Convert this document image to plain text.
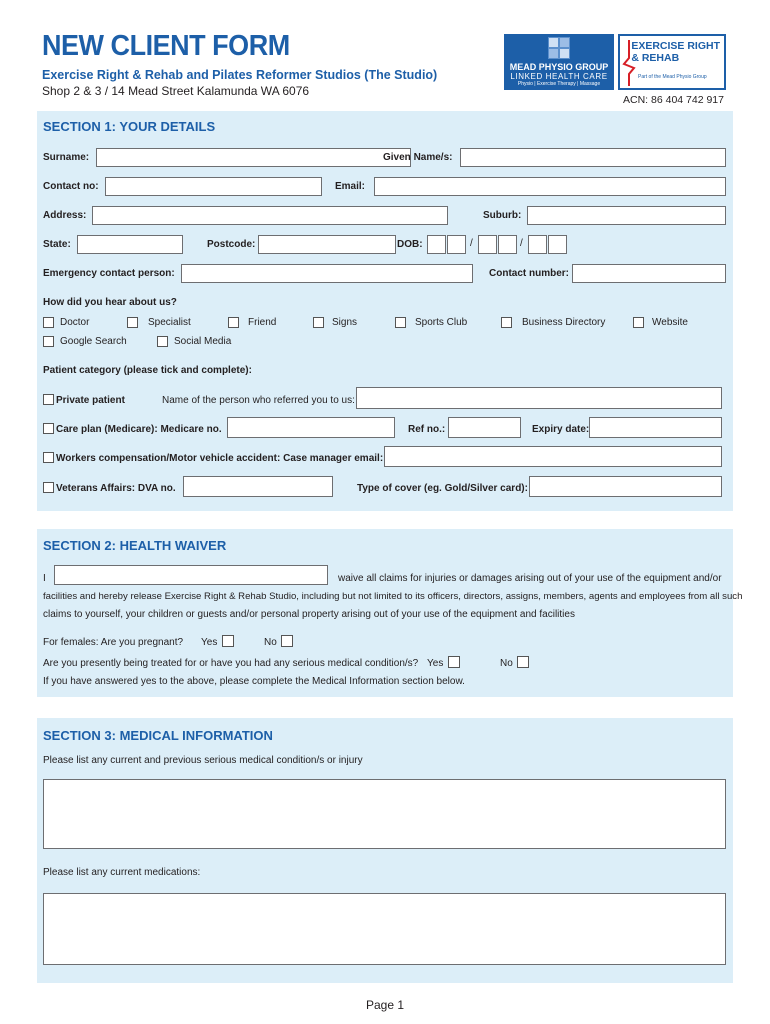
NEW CLIENT FORM
Exercise Right & Rehab and Pilates Reformer Studios (The Studio)
Shop 2 & 3 / 14 Mead Street Kalamunda WA 6076
MEAD PHYSIO GROUP
LINKED HEALTH CARE
Physio | Exercise Therapy | Massage
EXERCISE RIGHT
& REHAB
Part of the Mead Physio Group
ACN: 86 404 742 917
SECTION 1: YOUR DETAILS
Surname:	Given Name/s:
Contact no:	Email:
Address:	Suburb:
State:	Postcode:	DOB:	/	/
Emergency contact person:	Contact number:
How did you hear about us?
Doctor	Specialist	Friend	Signs	Sports Club	Business Directory	Website
Google Search	Social Media
Patient category (please tick and complete):
Private patient	Name of the person who referred you to us:
Care plan (Medicare): Medicare no.	Ref no.:	Expiry date:
Workers compensation/Motor vehicle accident: Case manager email:
Veterans Affairs: DVA no.	Type of cover (eg. Gold/Silver card):
SECTION 2: HEALTH WAIVER
I	waive all claims for injuries or damages arising out of your use of the equipment and/or
facilities and hereby release Exercise Right & Rehab Studio, including but not limited to its officers, directors, assigns, members, agents and employees from all such
claims to yourself, your children or guests and/or personal property arising out of your use of the equipment and facilities
For females: Are you pregnant? Yes	No
Are you presently being treated for or have you had any serious medical condition/s? Yes	No
If you have answered yes to the above, please complete the Medical Information section below.
SECTION 3: MEDICAL INFORMATION
Please list any current and previous serious medical condition/s or injury
Please list any current medications:
Page 1
